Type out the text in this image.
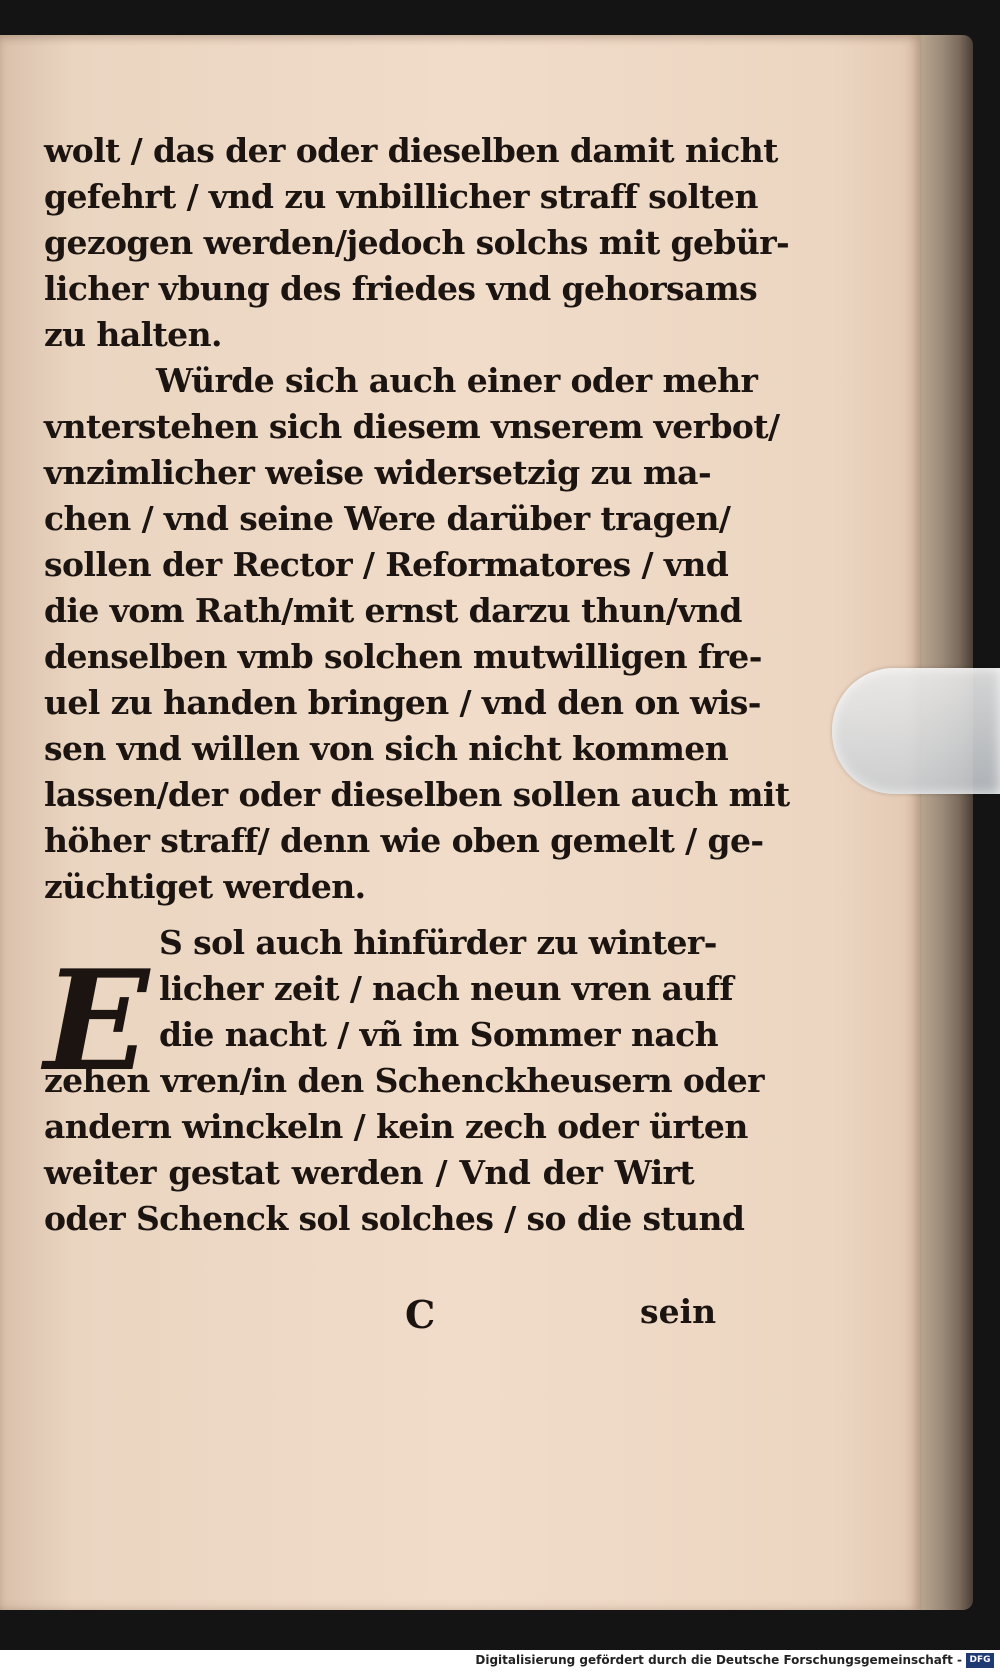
wolt / das der oder dieselben damit nicht
gefehrt / vnd zu vnbillicher straff solten
gezogen werden/jedoch solchs mit gebür-
licher vbung des friedes vnd gehorsams
zu halten.
Würde sich auch einer oder mehr
vnterstehen sich diesem vnserem verbot/
vnzimlicher weise widersetzig zu ma-
chen / vnd seine Were darüber tragen/
sollen der Rector / Reformatores / vnd
die vom Rath/mit ernst darzu thun/vnd
denselben vmb solchen mutwilligen fre-
uel zu handen bringen / vnd den on wis-
sen vnd willen von sich nicht kommen
lassen/der oder dieselben sollen auch mit
höher straff/ denn wie oben gemelt / ge-
züchtiget werden.
S sol auch hinfürder zu winter-
licher zeit / nach neun vren auff
die nacht / vñ im Sommer nach
zehen vren/in den Schenckheusern oder
andern winckeln / kein zech oder ürten
weiter gestat werden / Vnd der Wirt
oder Schenck sol solches / so die stund
E
C	sein
Digitalisierung gefördert durch die Deutsche Forschungsgemeinschaft - DFG
